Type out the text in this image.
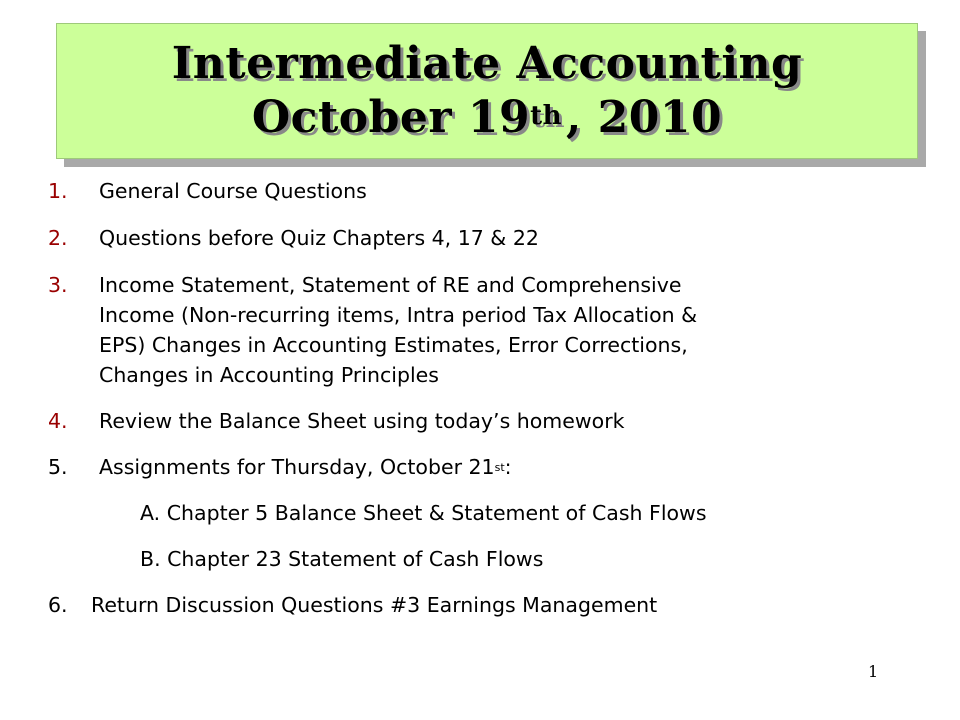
Intermediate Accounting
October 19th, 2010
1. General Course Questions
2. Questions before Quiz Chapters 4, 17 & 22
3. Income Statement, Statement of RE and Comprehensive
Income (Non-recurring items, Intra period Tax Allocation &
EPS) Changes in Accounting Estimates, Error Corrections,
Changes in Accounting Principles
4. Review the Balance Sheet using today’s homework
5. Assignments for Thursday, October 21st:
A. Chapter 5 Balance Sheet & Statement of Cash Flows
B. Chapter 23 Statement of Cash Flows
6. Return Discussion Questions #3 Earnings Management
1
